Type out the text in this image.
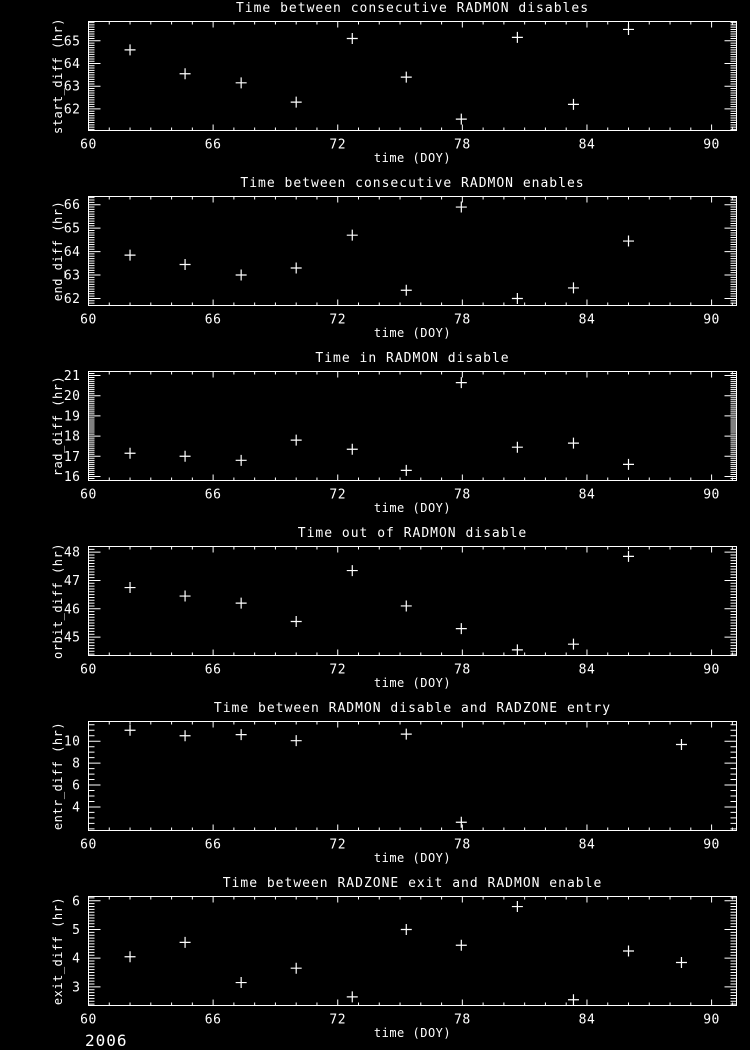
Time between consecutive RADMON disables
start_diff (hr)
60	66	72	78	84	90
62
63
64
65
time (DOY)
Time between consecutive RADMON enables
end_diff (hr)
60	66	72	78	84	90
62
63
64
65
66
time (DOY)
Time in RADMON disable
rad_diff (hr)
60	66	72	78	84	90
16
17
18
19
20
21
time (DOY)
Time out of RADMON disable
orbit_diff (hr)
60	66	72	78	84	90
45
46
47
48
time (DOY)
Time between RADMON disable and RADZONE entry
entr_diff (hr)
60	66	72	78	84	90
4
6
8
10
time (DOY)
Time between RADZONE exit and RADMON enable
exit_diff (hr)
60	66	72	78	84	90
3
4
5
6
time (DOY)
2006
